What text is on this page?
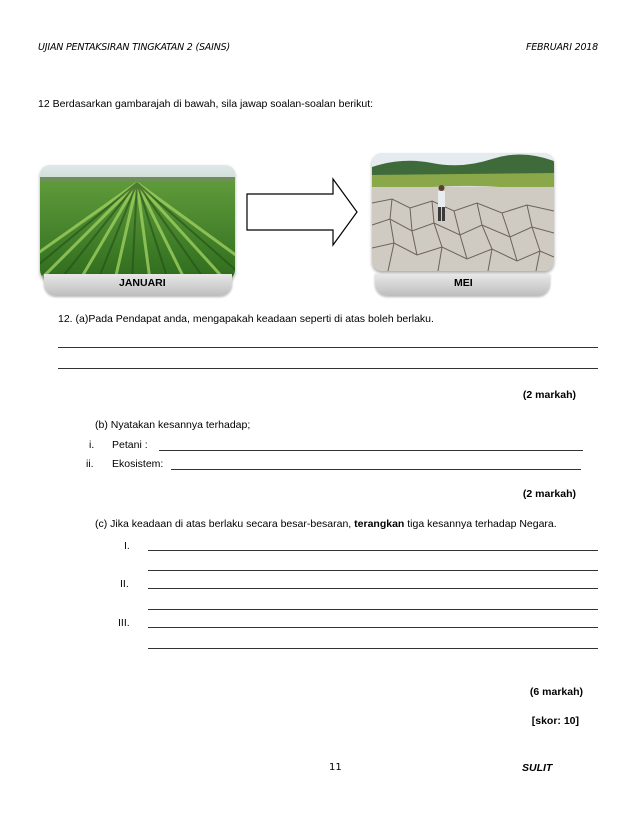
UJIAN PENTAKSIRAN TINGKATAN 2 (SAINS)	FEBRUARI 2018
12 Berdasarkan gambarajah di bawah, sila jawap soalan-soalan berikut:
JANUARI	MEI
12. (a)Pada Pendapat anda, mengapakah keadaan seperti di atas boleh berlaku.
(2 markah)
(b) Nyatakan kesannya terhadap;
i. Petani :
ii. Ekosistem:
(2 markah)
(c) Jika keadaan di atas berlaku secara besar-besaran, terangkan tiga kesannya terhadap Negara.
I.
II.
III.
(6 markah)
[skor: 10]
11	SULIT
